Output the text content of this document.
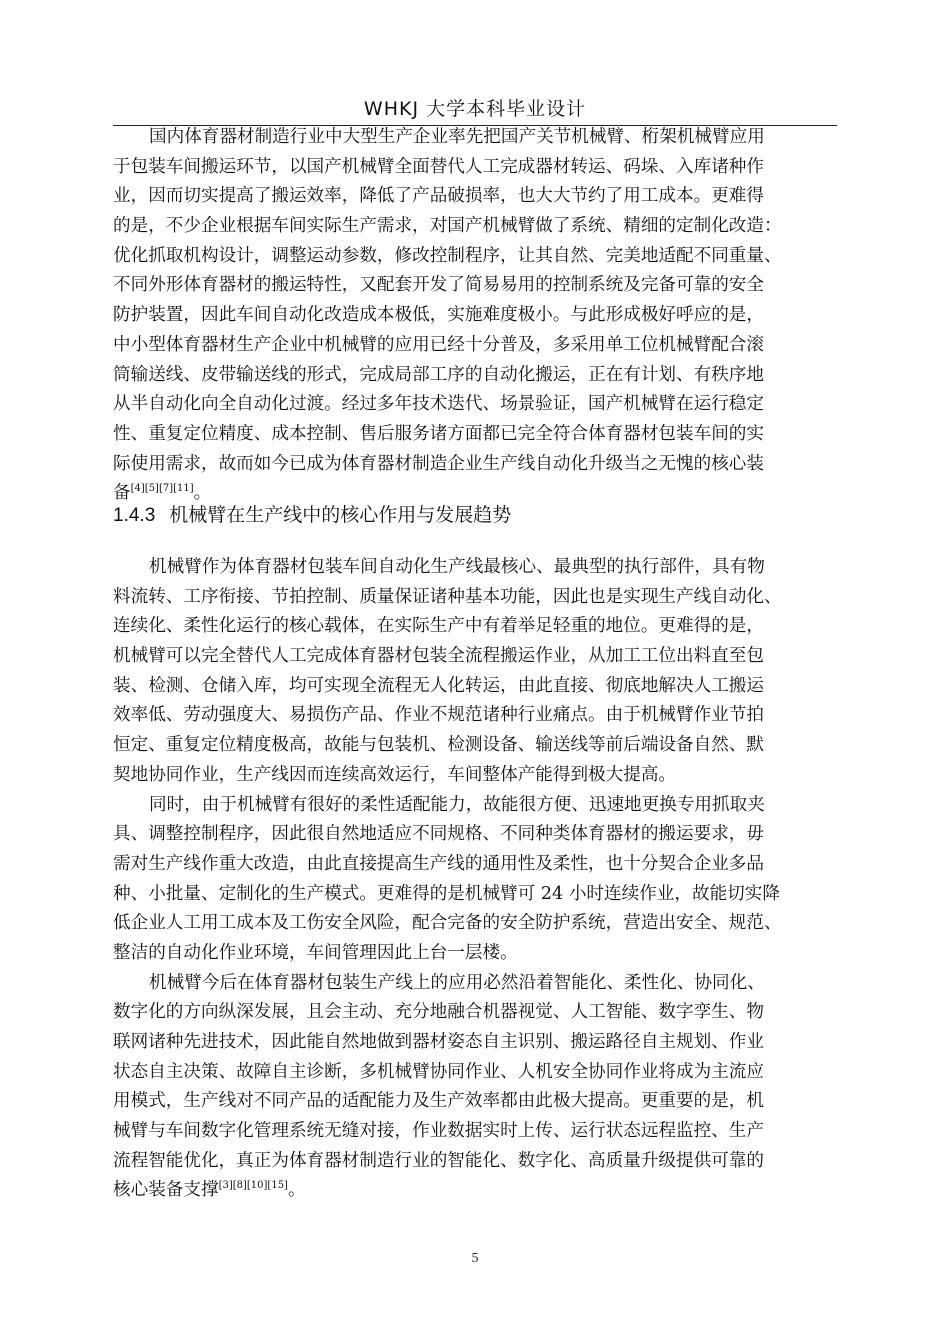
WHKJ 大学本科毕业设计
国内体育器材制造行业中大型生产企业率先把国产关节机械臂、桁架机械臂应用
于包装车间搬运环节，以国产机械臂全面替代人工完成器材转运、码垛、入库诸种作
业，因而切实提高了搬运效率，降低了产品破损率，也大大节约了用工成本。更难得
的是，不少企业根据车间实际生产需求，对国产机械臂做了系统、精细的定制化改造：
优化抓取机构设计，调整运动参数，修改控制程序，让其自然、完美地适配不同重量、
不同外形体育器材的搬运特性，又配套开发了简易易用的控制系统及完备可靠的安全
防护装置，因此车间自动化改造成本极低，实施难度极小。与此形成极好呼应的是，
中小型体育器材生产企业中机械臂的应用已经十分普及，多采用单工位机械臂配合滚
筒输送线、皮带输送线的形式，完成局部工序的自动化搬运，正在有计划、有秩序地
从半自动化向全自动化过渡。经过多年技术迭代、场景验证，国产机械臂在运行稳定
性、重复定位精度、成本控制、售后服务诸方面都已完全符合体育器材包装车间的实
际使用需求，故而如今已成为体育器材制造企业生产线自动化升级当之无愧的核心装
备[4][5][7][11]。
1.4.3 机械臂在生产线中的核心作用与发展趋势
机械臂作为体育器材包装车间自动化生产线最核心、最典型的执行部件，具有物
料流转、工序衔接、节拍控制、质量保证诸种基本功能，因此也是实现生产线自动化、
连续化、柔性化运行的核心载体，在实际生产中有着举足轻重的地位。更难得的是，
机械臂可以完全替代人工完成体育器材包装全流程搬运作业，从加工工位出料直至包
装、检测、仓储入库，均可实现全流程无人化转运，由此直接、彻底地解决人工搬运
效率低、劳动强度大、易损伤产品、作业不规范诸种行业痛点。由于机械臂作业节拍
恒定、重复定位精度极高，故能与包装机、检测设备、输送线等前后端设备自然、默
契地协同作业，生产线因而连续高效运行，车间整体产能得到极大提高。
同时，由于机械臂有很好的柔性适配能力，故能很方便、迅速地更换专用抓取夹
具、调整控制程序，因此很自然地适应不同规格、不同种类体育器材的搬运要求，毋
需对生产线作重大改造，由此直接提高生产线的通用性及柔性，也十分契合企业多品
种、小批量、定制化的生产模式。更难得的是机械臂可 24 小时连续作业，故能切实降
低企业人工用工成本及工伤安全风险，配合完备的安全防护系统，营造出安全、规范、
整洁的自动化作业环境，车间管理因此上台一层楼。
机械臂今后在体育器材包装生产线上的应用必然沿着智能化、柔性化、协同化、
数字化的方向纵深发展，且会主动、充分地融合机器视觉、人工智能、数字孪生、物
联网诸种先进技术，因此能自然地做到器材姿态自主识别、搬运路径自主规划、作业
状态自主决策、故障自主诊断，多机械臂协同作业、人机安全协同作业将成为主流应
用模式，生产线对不同产品的适配能力及生产效率都由此极大提高。更重要的是，机
械臂与车间数字化管理系统无缝对接，作业数据实时上传、运行状态远程监控、生产
流程智能优化，真正为体育器材制造行业的智能化、数字化、高质量升级提供可靠的
核心装备支撑[3][8][10][15]。
5
